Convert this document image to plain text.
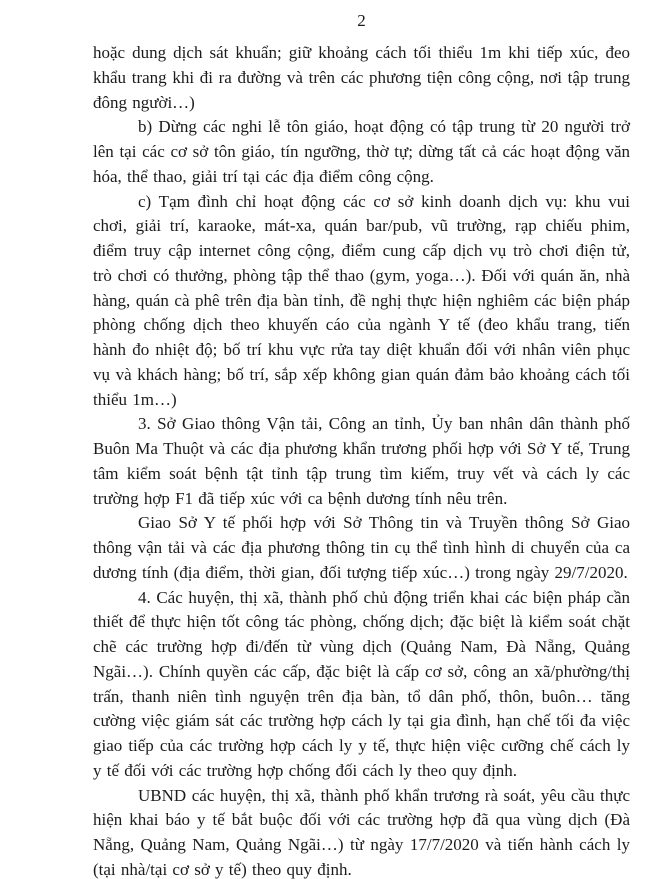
2

hoặc dung dịch sát khuẩn; giữ khoảng cách tối thiểu 1m khi tiếp xúc, đeo khẩu trang khi đi ra đường và trên các phương tiện công cộng, nơi tập trung đông người…)

b) Dừng các nghi lễ tôn giáo, hoạt động có tập trung từ 20 người trở lên tại các cơ sở tôn giáo, tín ngưỡng, thờ tự; dừng tất cả các hoạt động văn hóa, thể thao, giải trí tại các địa điểm công cộng.

c) Tạm đình chỉ hoạt động các cơ sở kinh doanh dịch vụ: khu vui chơi, giải trí, karaoke, mát-xa, quán bar/pub, vũ trường, rạp chiếu phim, điểm truy cập internet công cộng, điểm cung cấp dịch vụ trò chơi điện tử, trò chơi có thưởng, phòng tập thể thao (gym, yoga…). Đối với quán ăn, nhà hàng, quán cà phê trên địa bàn tỉnh, đề nghị thực hiện nghiêm các biện pháp phòng chống dịch theo khuyến cáo của ngành Y tế (đeo khẩu trang, tiến hành đo nhiệt độ; bố trí khu vực rửa tay diệt khuẩn đối với nhân viên phục vụ và khách hàng; bố trí, sắp xếp không gian quán đảm bảo khoảng cách tối thiểu 1m…)

3. Sở Giao thông Vận tải, Công an tỉnh, Ủy ban nhân dân thành phố Buôn Ma Thuột và các địa phương khẩn trương phối hợp với Sở Y tế, Trung tâm kiểm soát bệnh tật tỉnh tập trung tìm kiếm, truy vết và cách ly các trường hợp F1 đã tiếp xúc với ca bệnh dương tính nêu trên.

Giao Sở Y tế phối hợp với Sở Thông tin và Truyền thông Sở Giao thông vận tải và các địa phương thông tin cụ thể tình hình di chuyển của ca dương tính (địa điểm, thời gian, đối tượng tiếp xúc…) trong ngày 29/7/2020.

4. Các huyện, thị xã, thành phố chủ động triển khai các biện pháp cần thiết để thực hiện tốt công tác phòng, chống dịch; đặc biệt là kiểm soát chặt chẽ các trường hợp đi/đến từ vùng dịch (Quảng Nam, Đà Nẵng, Quảng Ngãi…). Chính quyền các cấp, đặc biệt là cấp cơ sở, công an xã/phường/thị trấn, thanh niên tình nguyện trên địa bàn, tổ dân phố, thôn, buôn… tăng cường việc giám sát các trường hợp cách ly tại gia đình, hạn chế tối đa việc giao tiếp của các trường hợp cách ly y tế, thực hiện việc cưỡng chế cách ly y tế đối với các trường hợp chống đối cách ly theo quy định.

UBND các huyện, thị xã, thành phố khẩn trương rà soát, yêu cầu thực hiện khai báo y tế bắt buộc đối với các trường hợp đã qua vùng dịch (Đà Nẵng, Quảng Nam, Quảng Ngãi…) từ ngày 17/7/2020 và tiến hành cách ly (tại nhà/tại cơ sở y tế) theo quy định.
